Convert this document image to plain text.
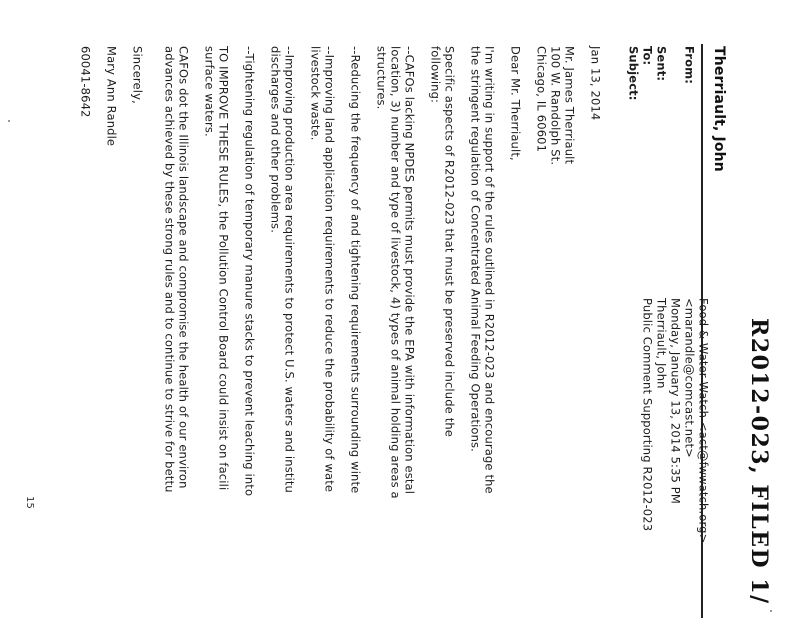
R2012-023, FILED 1/
Therriault, John
From:
Sent:
To:
Subject:
Food & Water Watch <act@fwwatch.org>
<marandle@comcast.net>
Monday, January 13, 2014 5:35 PM
Therriault, John
Public Comment Supporting R2012-023
Jan 13, 2014
Mr. James Therriault
100 W. Randolph St.
Chicago, IL 60601
Dear Mr. Therriault,
I'm writing in support of the rules outlined in R2012-023 and encourage the
the stringent regulation of Concentrated Animal Feeding Operations.
Specific aspects of R2012-023 that must be preserved include the
following:
--CAFOs lacking NPDES permits must provide the EPA with information estal
location, 3) number and type of livestock, 4) types of animal holding areas a
structures.
--Reducing the frequency of and tightening requirements surrounding winte
--Improving land application requirements to reduce the probability of wate
livestock waste.
--Improving production area requirements to protect U.S. waters and institu
discharges and other problems.
--Tightening regulation of temporary manure stacks to prevent leaching into
TO IMPROVE THESE RULES, the Pollution Control Board could insist on facili
surface waters.
CAFOs dot the Illinois landscape and compromise the health of our environ
advances achieved by these strong rules and to continue to strive for bettu
Sincerely,
Mary Ann Randle
60041-8642
15
